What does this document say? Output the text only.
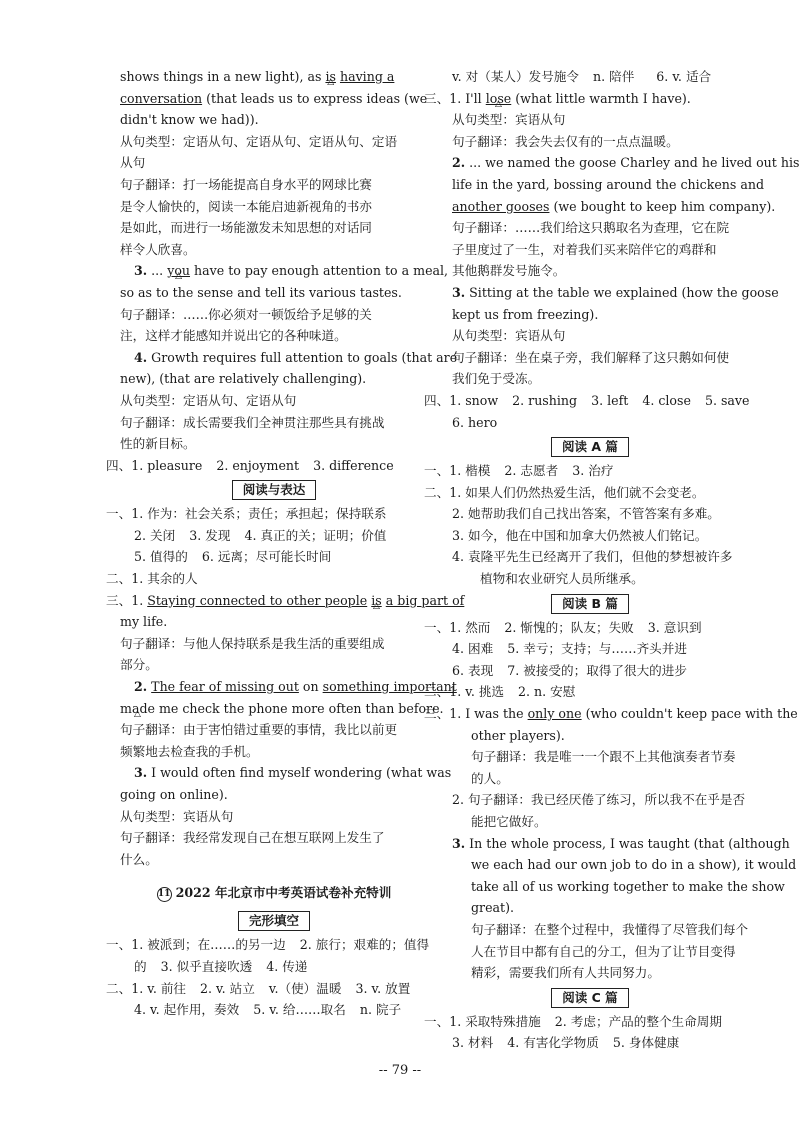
shows things in a new light), as is △ having a
conversation (that leads us to express ideas (we
didn't know we had)).
从句类型：定语从句、定语从句、定语从句、定语
从句
句子翻译：打一场能提高自身水平的网球比赛
是令人愉快的，阅读一本能启迪新视角的书亦
是如此，而进行一场能激发未知思想的对话同
样令人欣喜。
3. ... you △ have to pay enough attention to a meal,
so as to the sense and tell its various tastes.
句子翻译：……你必须对一顿饭给予足够的关
注，这样才能感知并说出它的各种味道。
4. Growth requires full attention to goals (that are
new), (that are relatively challenging).
从句类型：定语从句、定语从句
句子翻译：成长需要我们全神贯注那些具有挑战
性的新目标。
四、1. pleasure 2. enjoyment 3. difference
阅读与表达
一、1. 作为：社会关系；责任；承担起；保持联系
2. 关闭 3. 发现 4. 真正的关；证明；价值
5. 值得的 6. 远离；尽可能长时间
二、1. 其余的人
三、1. Staying connected to other people is △ a big part of
my life.
句子翻译：与他人保持联系是我生活的重要组成
部分。
2. The fear of missing out on something important
made △ me check the phone more often than before.
句子翻译：由于害怕错过重要的事情，我比以前更
频繁地去检查我的手机。
3. I would often find myself wondering (what was
going on online).
从句类型：宾语从句
句子翻译：我经常发现自己在想互联网上发生了
什么。
11 2022 年北京市中考英语试卷补充特训
完形填空
一、1. 被派到；在……的另一边 2. 旅行；艰难的；值得
的 3. 似乎直接吹透 4. 传递
二、1. v. 前往 2. v. 站立 v.（使）温暖 3. v. 放置
4. v. 起作用，奏效 5. v. 给……取名 n. 院子
v. 对（某人）发号施令 n. 陪伴 6. v. 适合
三、1. I'll lose △ (what little warmth I have).
从句类型：宾语从句
句子翻译：我会失去仅有的一点点温暖。
2. ... we named the goose Charley and he lived out his
life in the yard, bossing around the chickens and
another gooses (we bought to keep him company).
句子翻译：……我们给这只鹅取名为查理，它在院
子里度过了一生，对着我们买来陪伴它的鸡群和
其他鹅群发号施令。
3. Sitting at the table we explained (how the goose
kept us from freezing).
从句类型：宾语从句
句子翻译：坐在桌子旁，我们解释了这只鹅如何使
我们免于受冻。
四、1. snow 2. rushing 3. left 4. close 5. save
6. hero
阅读 A 篇
一、1. 楷模 2. 志愿者 3. 治疗
二、1. 如果人们仍然热爱生活，他们就不会变老。
2. 她帮助我们自己找出答案，不管答案有多难。
3. 如今，他在中国和加拿大仍然被人们铭记。
4. 袁隆平先生已经离开了我们，但他的梦想被许多
植物和农业研究人员所继承。
阅读 B 篇
一、1. 然而 2. 惭愧的；队友；失败 3. 意识到
4. 困难 5. 幸亏；支持；与……齐头并进
6. 表现 7. 被接受的；取得了很大的进步
二、1. v. 挑选 2. n. 安慰
三、1. I was the only one (who couldn't keep pace with the
other players).
句子翻译：我是唯一一个跟不上其他演奏者节奏
的人。
2. 句子翻译：我已经厌倦了练习，所以我不在乎是否
能把它做好。
3. In the whole process, I was taught (that (although
we each had our own job to do in a show), it would
take all of us working together to make the show
great).
句子翻译：在整个过程中，我懂得了尽管我们每个
人在节目中都有自己的分工，但为了让节目变得
精彩，需要我们所有人共同努力。
阅读 C 篇
一、1. 采取特殊措施 2. 考虑；产品的整个生命周期
3. 材料 4. 有害化学物质 5. 身体健康
-- 79 --
